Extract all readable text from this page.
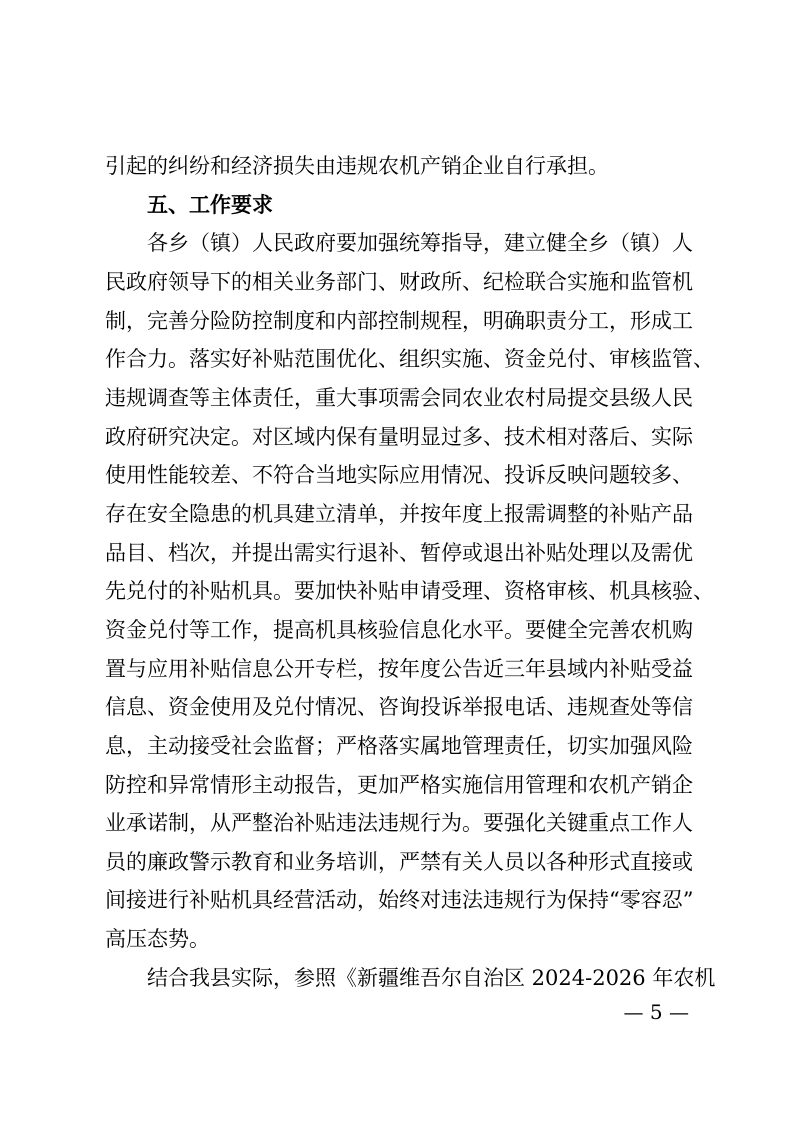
引起的纠纷和经济损失由违规农机产销企业自行承担。
五、工作要求
各乡（镇）人民政府要加强统筹指导，建立健全乡（镇）人
民政府领导下的相关业务部门、财政所、纪检联合实施和监管机
制，完善分险防控制度和内部控制规程，明确职责分工，形成工
作合力。落实好补贴范围优化、组织实施、资金兑付、审核监管、
违规调查等主体责任，重大事项需会同农业农村局提交县级人民
政府研究决定。对区域内保有量明显过多、技术相对落后、实际
使用性能较差、不符合当地实际应用情况、投诉反映问题较多、
存在安全隐患的机具建立清单，并按年度上报需调整的补贴产品
品目、档次，并提出需实行退补、暂停或退出补贴处理以及需优
先兑付的补贴机具。要加快补贴申请受理、资格审核、机具核验、
资金兑付等工作，提高机具核验信息化水平。要健全完善农机购
置与应用补贴信息公开专栏，按年度公告近三年县域内补贴受益
信息、资金使用及兑付情况、咨询投诉举报电话、违规查处等信
息，主动接受社会监督；严格落实属地管理责任，切实加强风险
防控和异常情形主动报告，更加严格实施信用管理和农机产销企
业承诺制，从严整治补贴违法违规行为。要强化关键重点工作人
员的廉政警示教育和业务培训，严禁有关人员以各种形式直接或
间接进行补贴机具经营活动，始终对违法违规行为保持“零容忍”
高压态势。
结合我县实际，参照《新疆维吾尔自治区 2024-2026 年农机
— 5 —
